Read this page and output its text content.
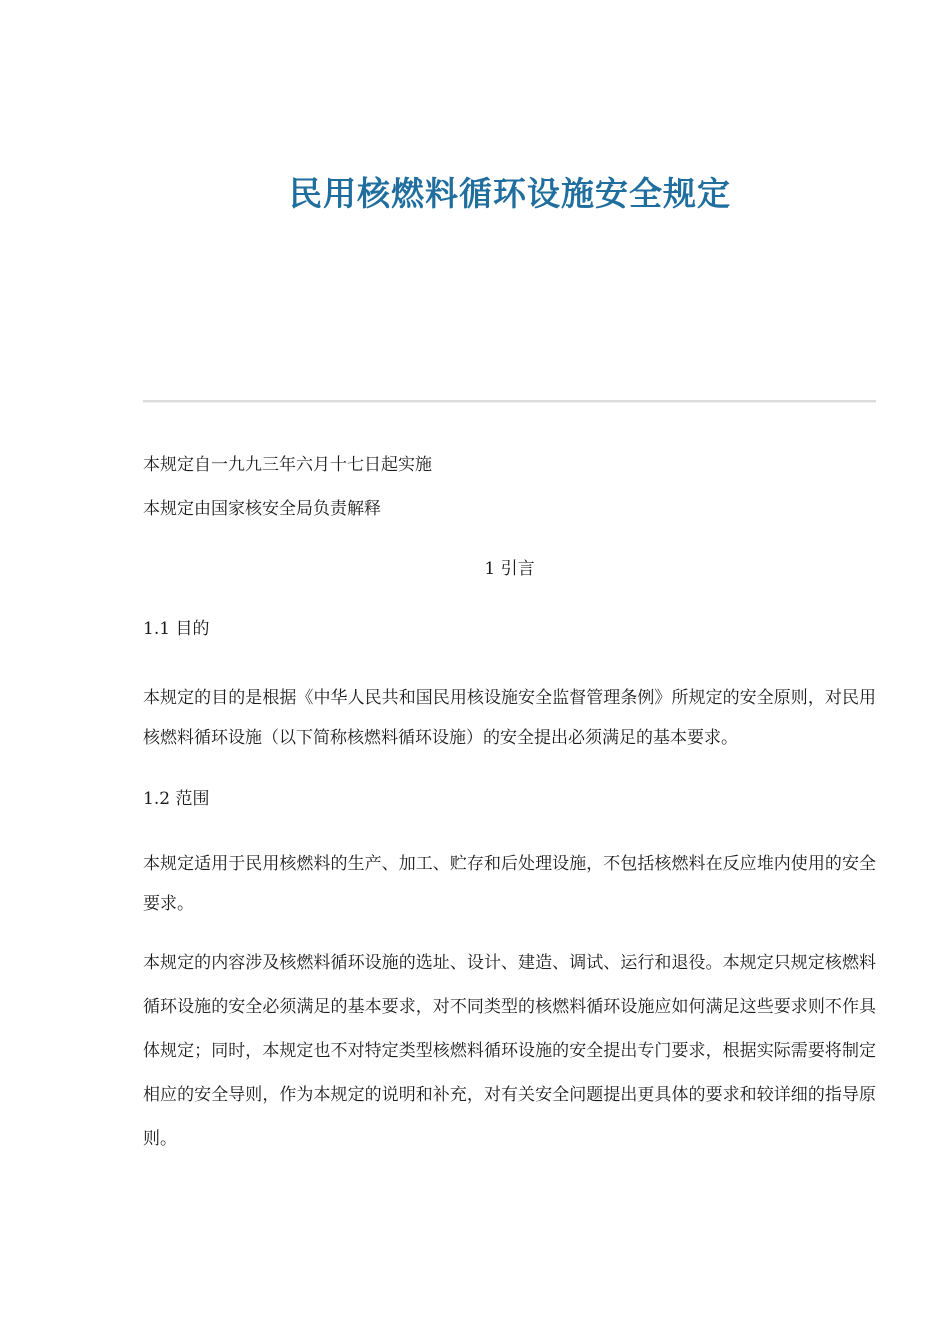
民用核燃料循环设施安全规定

本规定自一九九三年六月十七日起实施

本规定由国家核安全局负责解释

1 引言

1.1 目的

本规定的目的是根据《中华人民共和国民用核设施安全监督管理条例》所规定的安全原则，对民用核燃料循环设施（以下简称核燃料循环设施）的安全提出必须满足的基本要求。

1.2 范围

本规定适用于民用核燃料的生产、加工、贮存和后处理设施，不包括核燃料在反应堆内使用的安全要求。

本规定的内容涉及核燃料循环设施的选址、设计、建造、调试、运行和退役。本规定只规定核燃料循环设施的安全必须满足的基本要求，对不同类型的核燃料循环设施应如何满足这些要求则不作具体规定；同时，本规定也不对特定类型核燃料循环设施的安全提出专门要求，根据实际需要将制定相应的安全导则，作为本规定的说明和补充，对有关安全问题提出更具体的要求和较详细的指导原则。
